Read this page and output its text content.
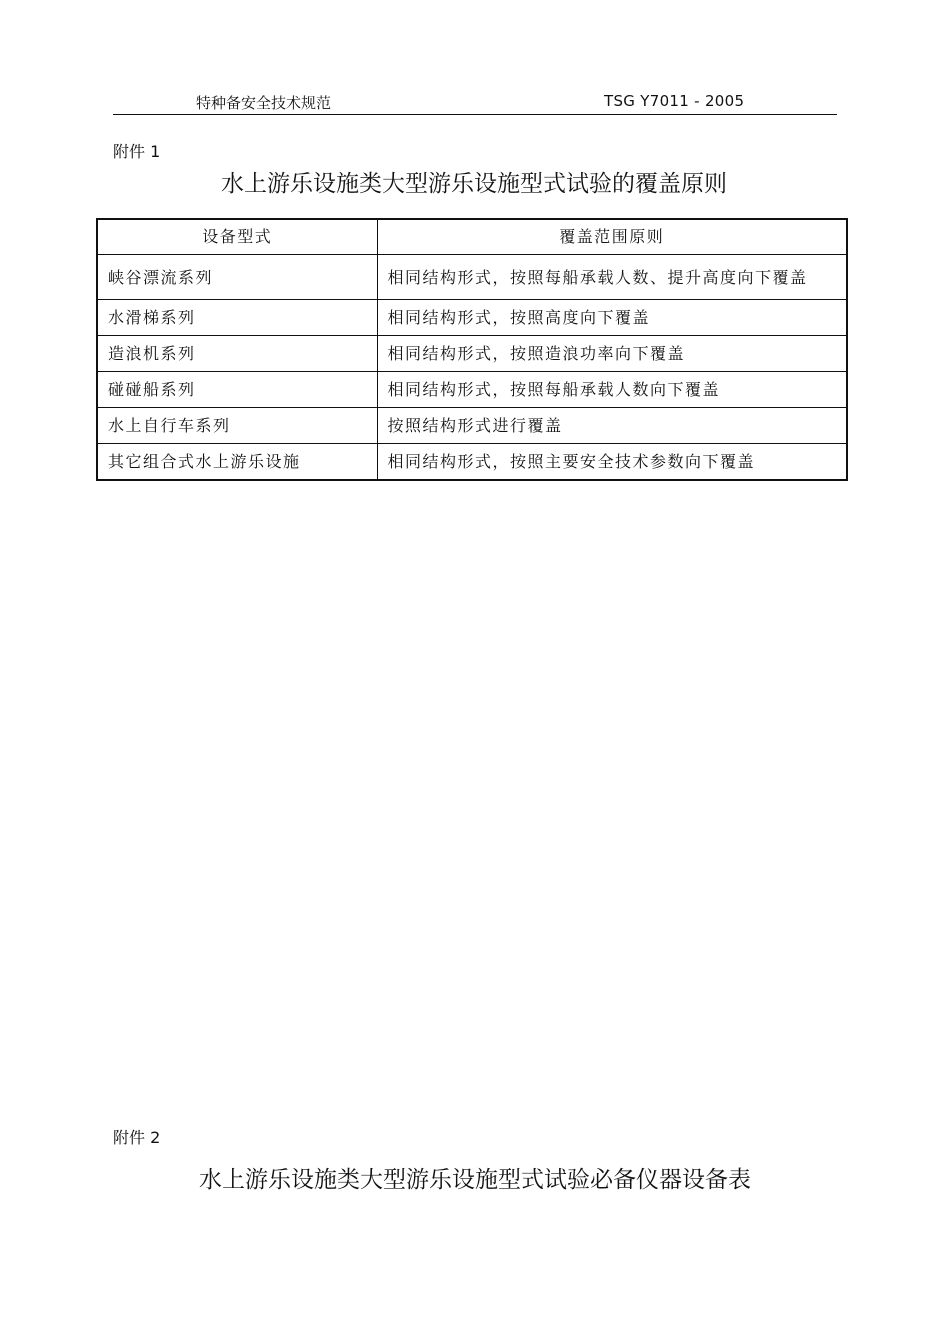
特种备安全技术规范	TSG Y7011 - 2005
附件 1
水上游乐设施类大型游乐设施型式试验的覆盖原则
设备型式	覆盖范围原则
峡谷漂流系列	相同结构形式，按照每船承载人数、提升高度向下覆盖
水滑梯系列	相同结构形式，按照高度向下覆盖
造浪机系列	相同结构形式，按照造浪功率向下覆盖
碰碰船系列	相同结构形式，按照每船承载人数向下覆盖
水上自行车系列	按照结构形式进行覆盖
其它组合式水上游乐设施	相同结构形式，按照主要安全技术参数向下覆盖
附件 2
水上游乐设施类大型游乐设施型式试验必备仪器设备表
